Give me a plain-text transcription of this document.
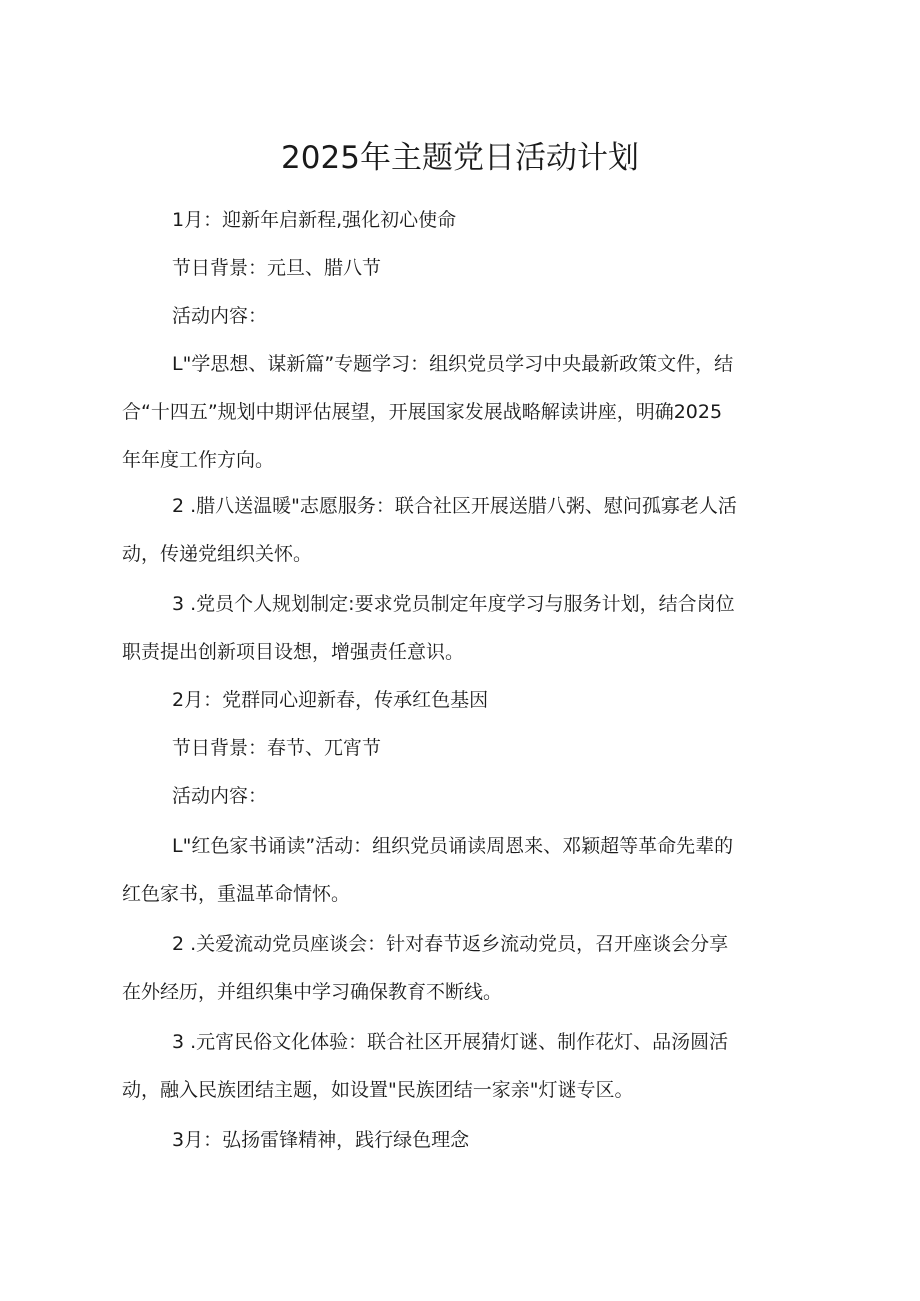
2025年主题党日活动计划

1月：迎新年启新程,强化初心使命

节日背景：元旦、腊八节

活动内容：

L"学思想、谋新篇”专题学习：组织党员学习中央最新政策文件，结
合“十四五”规划中期评估展望，开展国家发展战略解读讲座，明确2025
年年度工作方向。

2 .腊八送温暖"志愿服务：联合社区开展送腊八粥、慰问孤寡老人活
动，传递党组织关怀。

3 .党员个人规划制定:要求党员制定年度学习与服务计划，结合岗位
职责提出创新项目设想，增强责任意识。

2月：党群同心迎新春，传承红色基因

节日背景：春节、兀宵节

活动内容：

L"红色家书诵读”活动：组织党员诵读周恩来、邓颖超等革命先辈的
红色家书，重温革命情怀。

2 .关爱流动党员座谈会：针对春节返乡流动党员，召开座谈会分享
在外经历，并组织集中学习确保教育不断线。

3 .元宵民俗文化体验：联合社区开展猜灯谜、制作花灯、品汤圆活
动，融入民族团结主题，如设置"民族团结一家亲"灯谜专区。

3月：弘扬雷锋精神，践行绿色理念
